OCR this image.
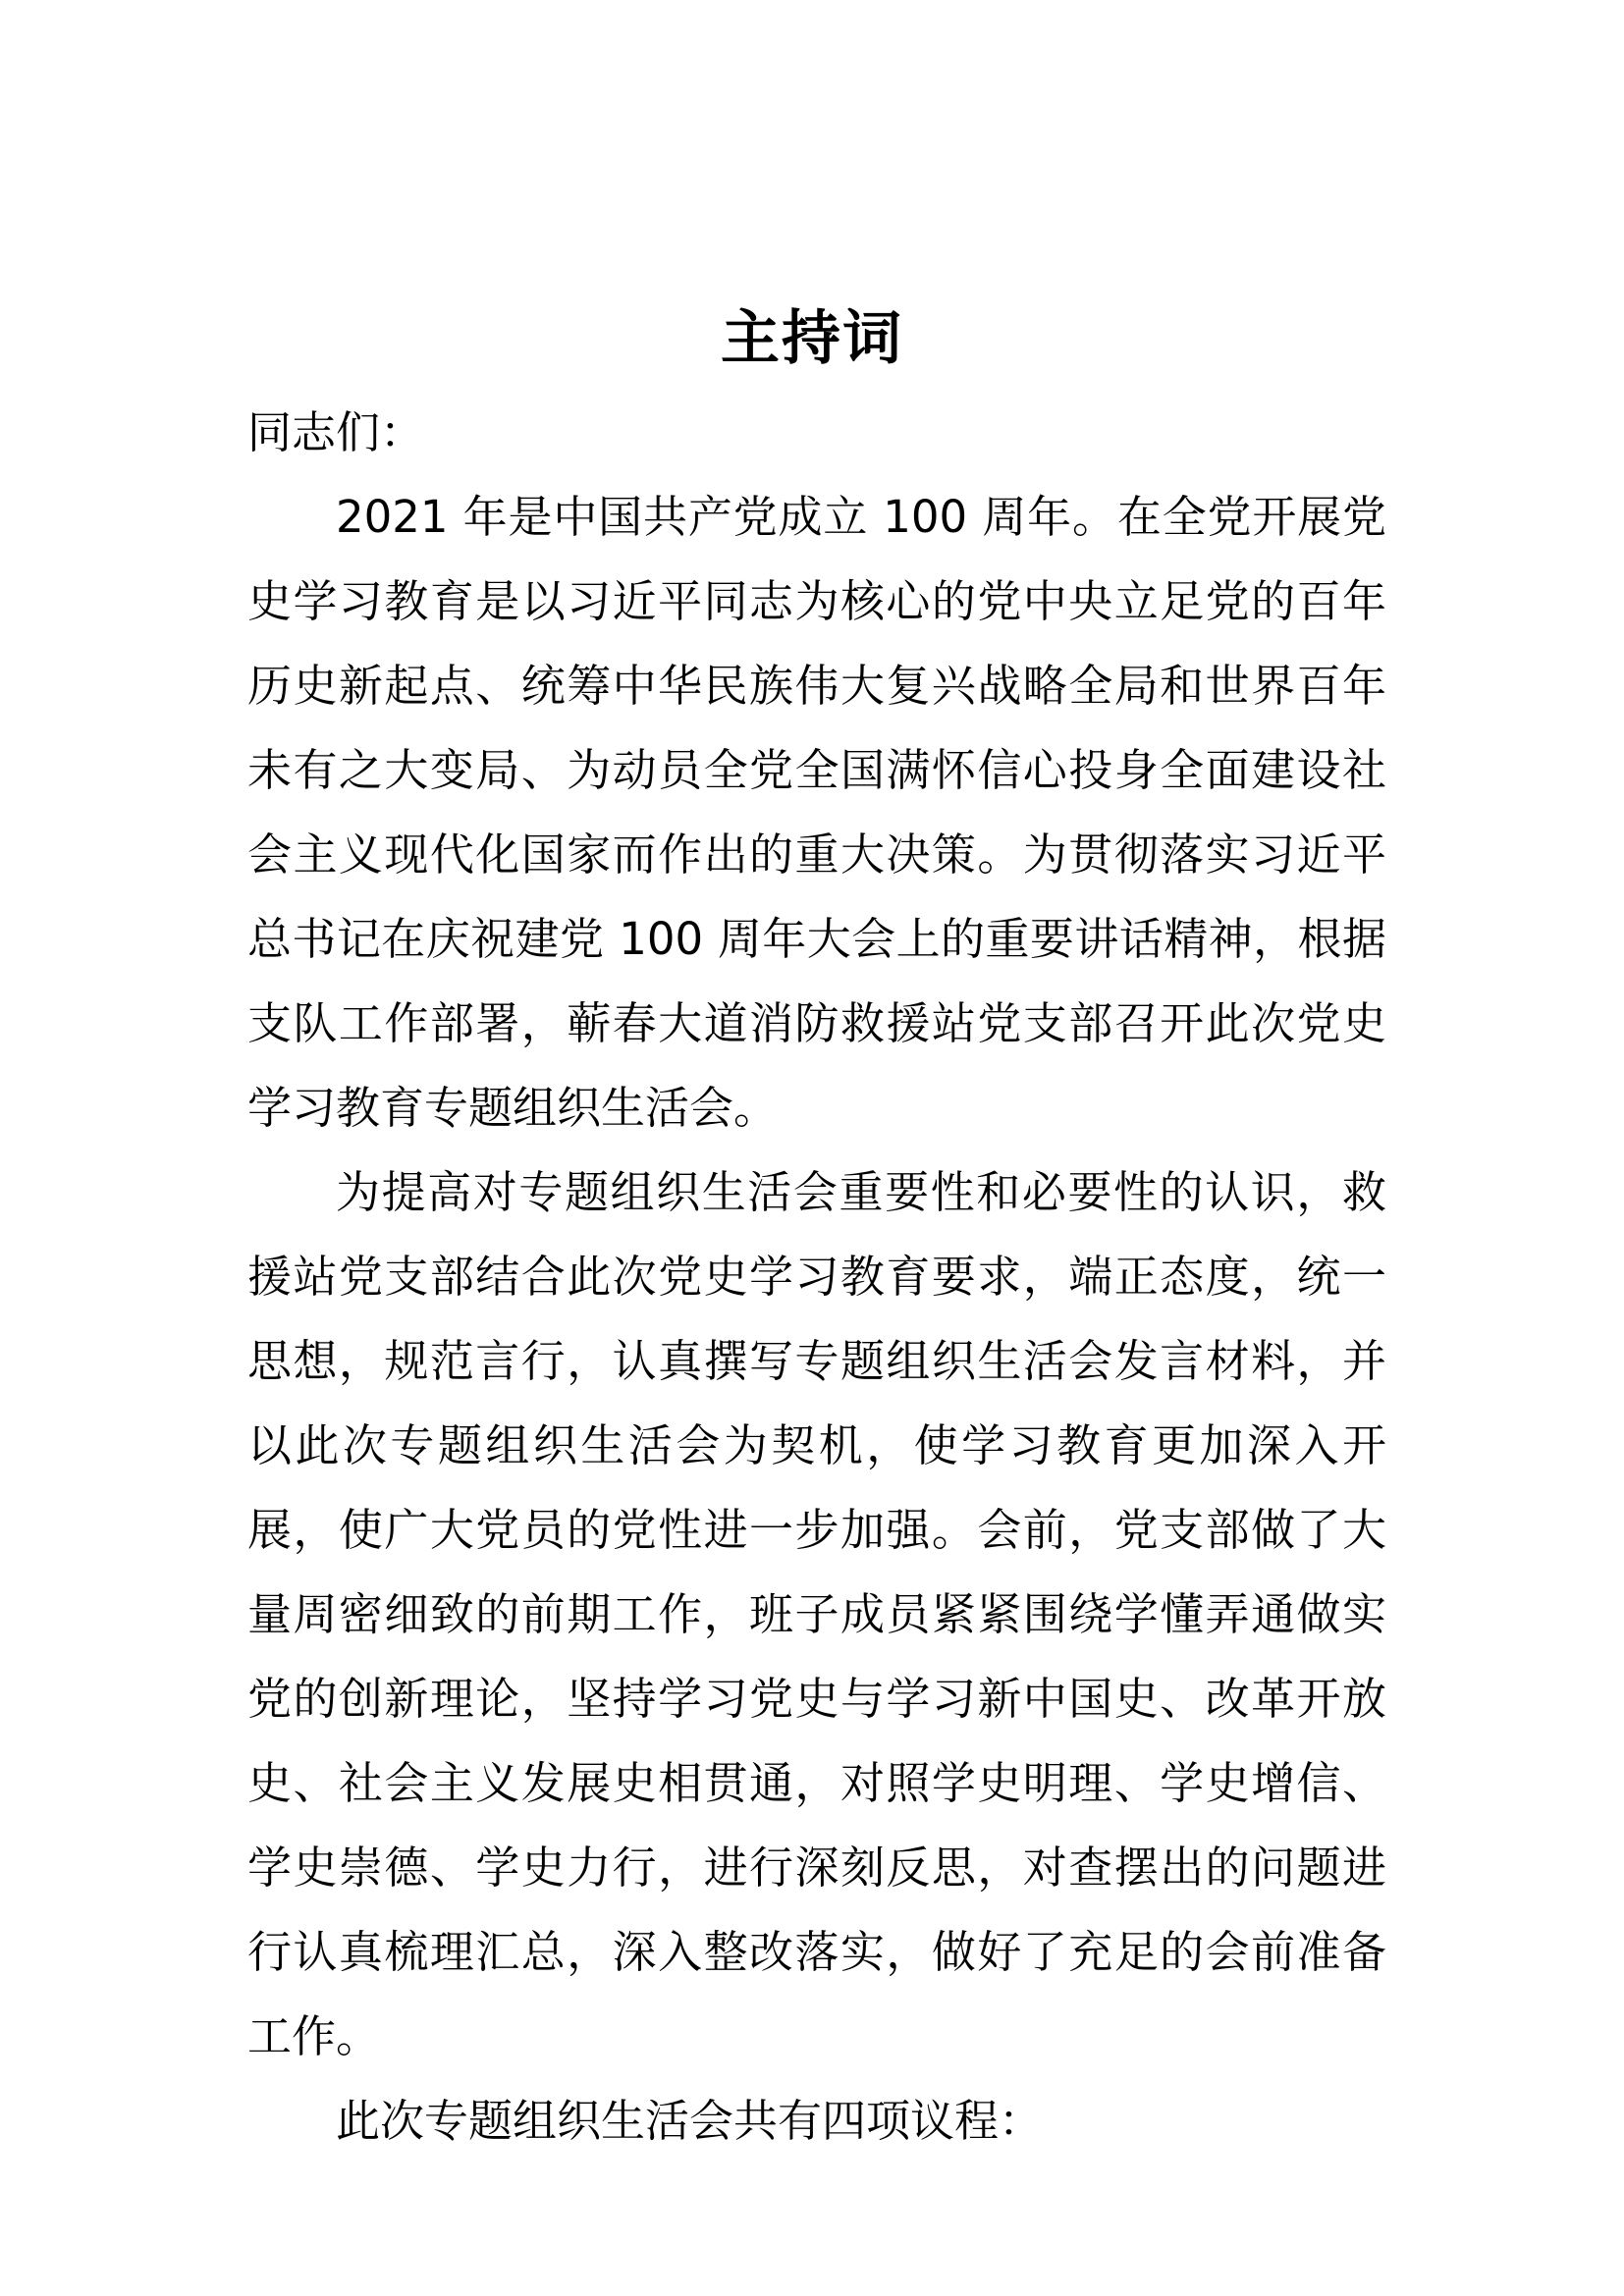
主持词

同志们：

2021 年是中国共产党成立 100 周年。在全党开展党史学习教育是以习近平同志为核心的党中央立足党的百年历史新起点、统筹中华民族伟大复兴战略全局和世界百年未有之大变局、为动员全党全国满怀信心投身全面建设社会主义现代化国家而作出的重大决策。为贯彻落实习近平总书记在庆祝建党 100 周年大会上的重要讲话精神，根据支队工作部署，蕲春大道消防救援站党支部召开此次党史学习教育专题组织生活会。

为提高对专题组织生活会重要性和必要性的认识，救援站党支部结合此次党史学习教育要求，端正态度，统一思想，规范言行，认真撰写专题组织生活会发言材料，并以此次专题组织生活会为契机，使学习教育更加深入开展，使广大党员的党性进一步加强。会前，党支部做了大量周密细致的前期工作，班子成员紧紧围绕学懂弄通做实党的创新理论，坚持学习党史与学习新中国史、改革开放史、社会主义发展史相贯通，对照学史明理、学史增信、学史崇德、学史力行，进行深刻反思，对查摆出的问题进行认真梳理汇总，深入整改落实，做好了充足的会前准备工作。

此次专题组织生活会共有四项议程：
